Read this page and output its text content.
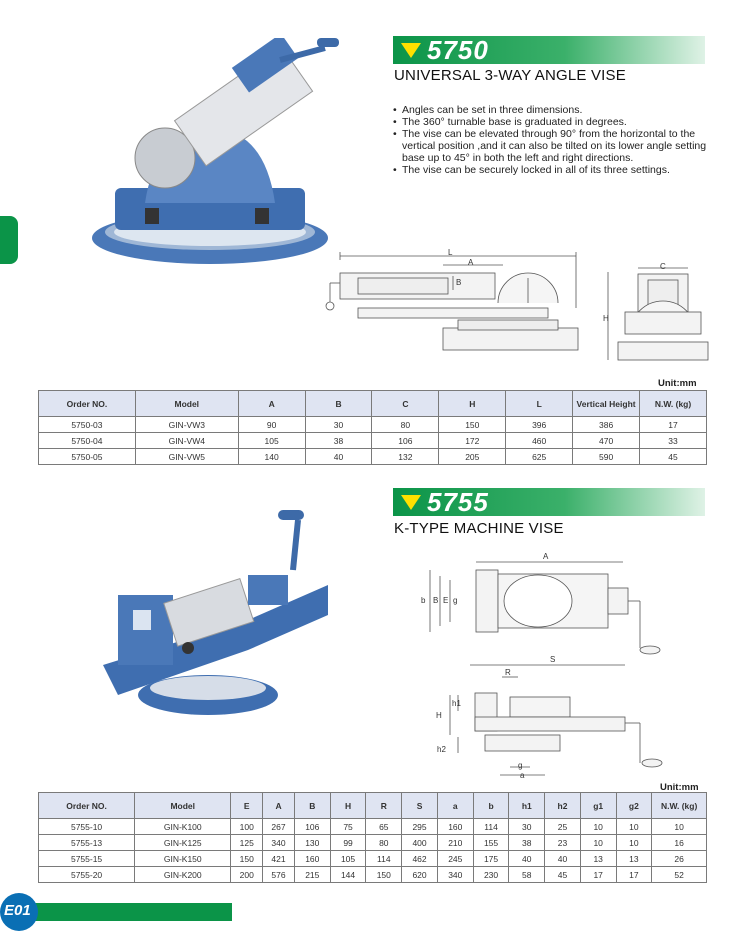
5750
UNIVERSAL 3-WAY ANGLE VISE
• Angles can be set in three dimensions.
• The 360° turnable base is graduated in degrees.
• The vise can be elevated through 90° from the horizontal to the vertical position ,and it can also be tilted on its lower angle setting base up to 45° in both the left and right directions.
• The vise can be securely locked in all of its three settings.
L
A
B
C
H
Unit:mm
Order NO.	Model	A	B	C	H	L	Vertical Height	N.W. (kg)
5750-03	GIN-VW3	90	30	80	150	396	386	17
5750-04	GIN-VW4	105	38	106	172	460	470	33
5750-05	GIN-VW5	140	40	132	205	625	590	45
5755
K-TYPE MACHINE VISE
A
b B E g
S
R
h1
H
h2
g
a
Unit:mm
Order NO.	Model	E	A	B	H	R	S	a	b	h1	h2	g1	g2	N.W. (kg)
5755-10	GIN-K100	100	267	106	75	65	295	160	114	30	25	10	10	10
5755-13	GIN-K125	125	340	130	99	80	400	210	155	38	23	10	10	16
5755-15	GIN-K150	150	421	160	105	114	462	245	175	40	40	13	13	26
5755-20	GIN-K200	200	576	215	144	150	620	340	230	58	45	17	17	52
E01
